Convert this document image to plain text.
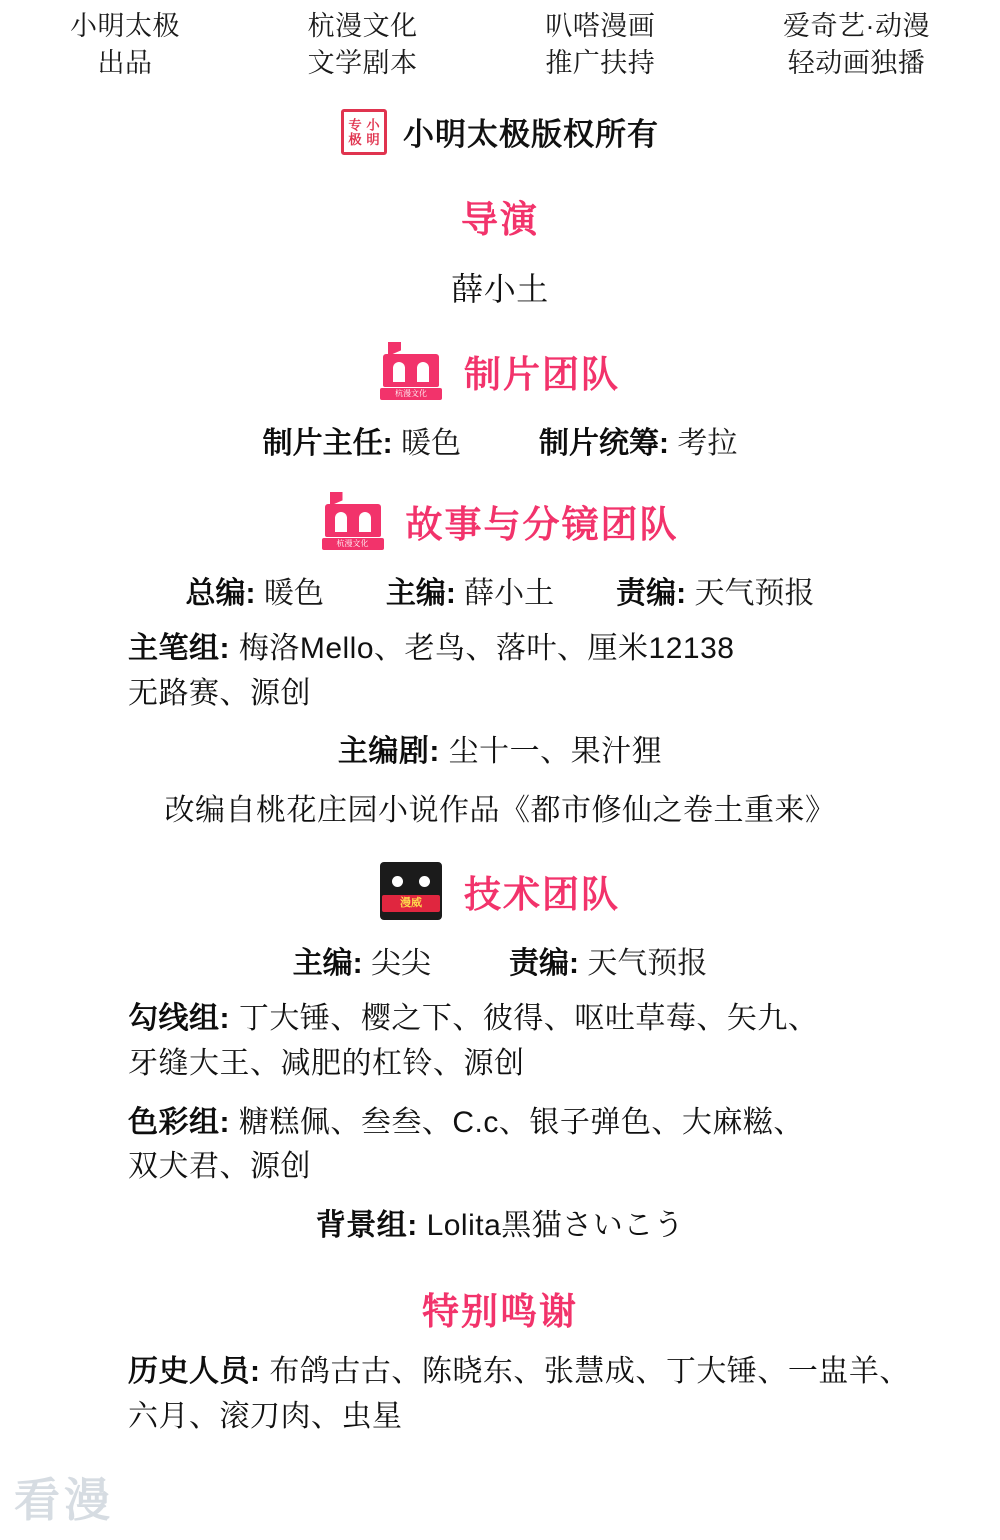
小明太极
出品
杭漫文化
文学剧本
叭嗒漫画
推广扶持
爱奇艺·动漫
轻动画独播
专 小
极 明 小明太极版权所有
导演
薛小土
杭漫文化	制片团队
制片主任: 暖色	制片统筹: 考拉
杭漫文化	故事与分镜团队
总编: 暖色 主编: 薛小土 责编: 天气预报
主笔组: 梅洛Mello、老鸟、落叶、厘米12138
无路赛、源创
主编剧: 尘十一、果汁狸
改编自桃花庄园小说作品《都市修仙之卷土重来》
漫威	技术团队
主编: 尖尖	责编: 天气预报
勾线组: 丁大锤、樱之下、彼得、呕吐草莓、矢九、
牙缝大王、减肥的杠铃、源创
色彩组: 糖糕佩、叁叁、C.c、银子弹色、大麻糍、
双犬君、源创
背景组: Lolita黑猫さいこう
特别鸣谢
历史人员: 布鸽古古、陈晓东、张慧成、丁大锤、一盅羊、
六月、滚刀肉、虫星
看漫
